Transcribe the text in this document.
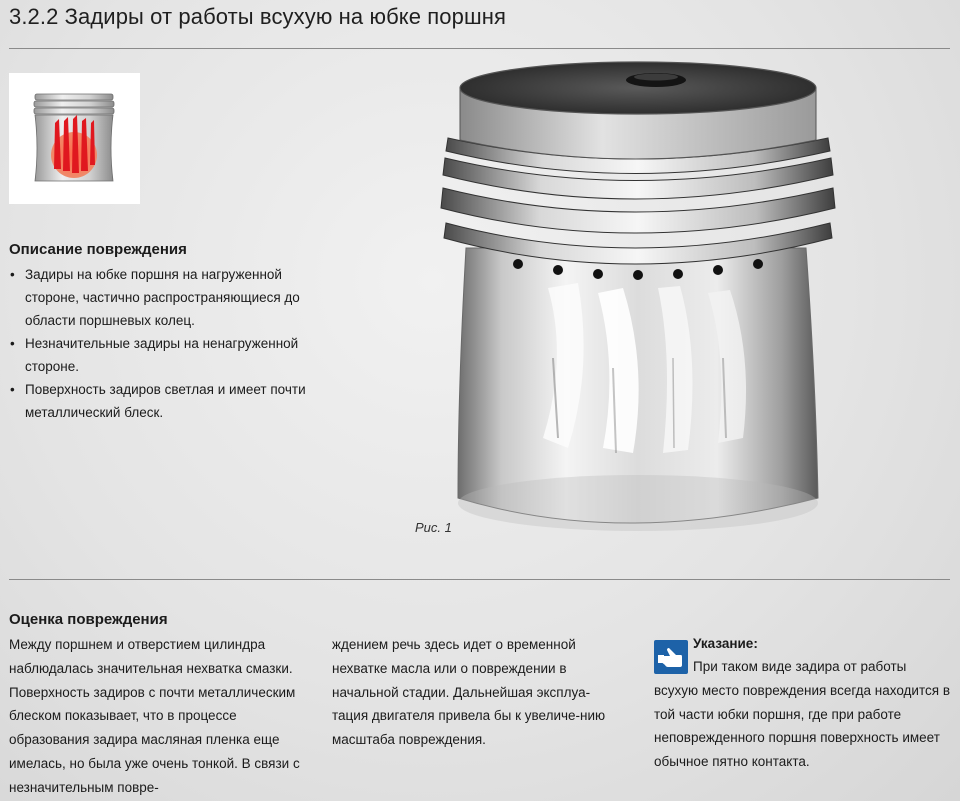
3.2.2 Задиры от работы всухую на юбке поршня
Описание повреждения
• Задиры на юбке поршня на нагруженной стороне, частично распространяющиеся до области поршневых колец.
• Незначительные задиры на ненагруженной стороне.
• Поверхность задиров светлая и имеет почти металлический блеск.
Рис. 1
Оценка повреждения

Между поршнем и отверстием цилиндра наблюдалась значительная нехватка смазки. Поверхность задиров с почти металлическим блеском показывает, что в процессе образования задира масляная пленка еще имелась, но была уже очень тонкой. В связи с незначительным повре-

ждением речь здесь идет о временной нехватке масла или о повреждении в начальной стадии. Дальнейшая эксплуа-тация двигателя привела бы к увеличе-нию масштаба повреждения.

Указание:

При таком виде задира от работы всухую место повреждения всегда находится в той части юбки поршня, где при работе неповрежденного поршня поверхность имеет обычное пятно контакта.
